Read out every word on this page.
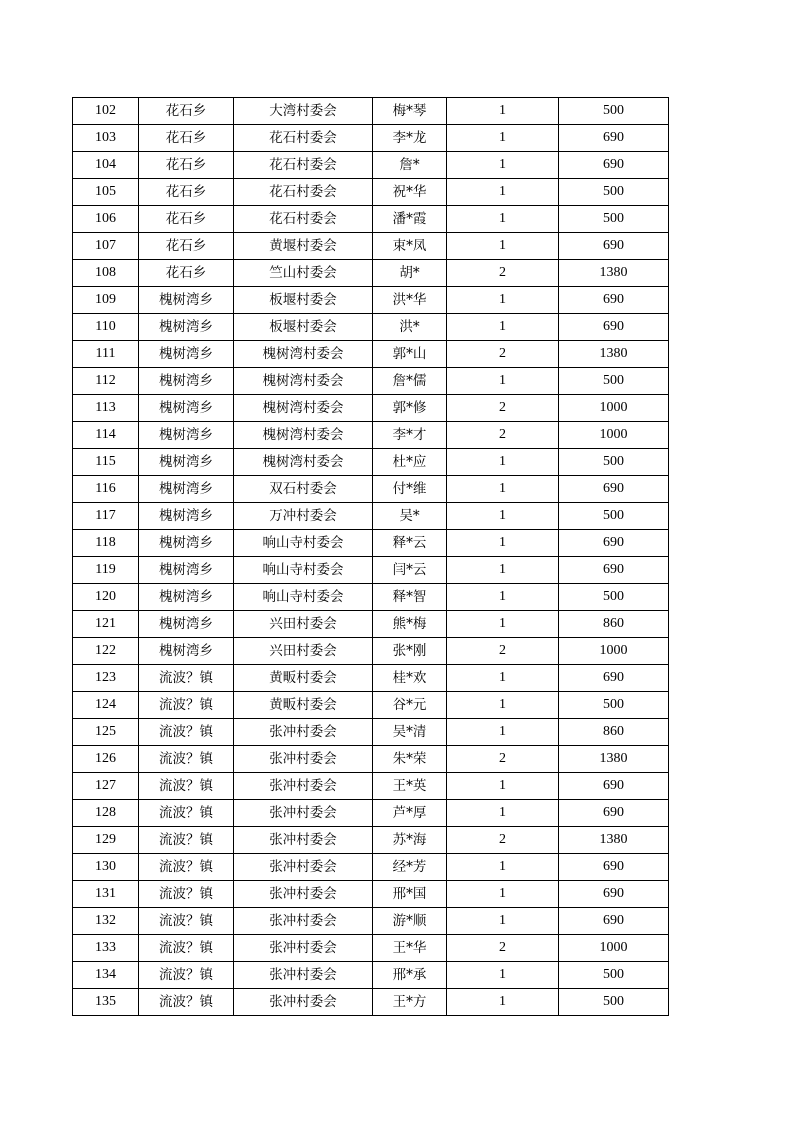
102	花石乡	大湾村委会	梅*琴	1	500
103	花石乡	花石村委会	李*龙	1	690
104	花石乡	花石村委会	詹*	1	690
105	花石乡	花石村委会	祝*华	1	500
106	花石乡	花石村委会	潘*霞	1	500
107	花石乡	黄堰村委会	束*凤	1	690
108	花石乡	竺山村委会	胡*	2	1380
109	槐树湾乡	板堰村委会	洪*华	1	690
110	槐树湾乡	板堰村委会	洪*	1	690
111	槐树湾乡	槐树湾村委会	郭*山	2	1380
112	槐树湾乡	槐树湾村委会	詹*儒	1	500
113	槐树湾乡	槐树湾村委会	郭*修	2	1000
114	槐树湾乡	槐树湾村委会	李*才	2	1000
115	槐树湾乡	槐树湾村委会	杜*应	1	500
116	槐树湾乡	双石村委会	付*维	1	690
117	槐树湾乡	万冲村委会	吴*	1	500
118	槐树湾乡	响山寺村委会	释*云	1	690
119	槐树湾乡	响山寺村委会	闫*云	1	690
120	槐树湾乡	响山寺村委会	释*智	1	500
121	槐树湾乡	兴田村委会	熊*梅	1	860
122	槐树湾乡	兴田村委会	张*刚	2	1000
123	流波？镇	黄畈村委会	桂*欢	1	690
124	流波？镇	黄畈村委会	谷*元	1	500
125	流波？镇	张冲村委会	吴*清	1	860
126	流波？镇	张冲村委会	朱*荣	2	1380
127	流波？镇	张冲村委会	王*英	1	690
128	流波？镇	张冲村委会	芦*厚	1	690
129	流波？镇	张冲村委会	苏*海	2	1380
130	流波？镇	张冲村委会	经*芳	1	690
131	流波？镇	张冲村委会	邢*国	1	690
132	流波？镇	张冲村委会	游*顺	1	690
133	流波？镇	张冲村委会	王*华	2	1000
134	流波？镇	张冲村委会	邢*承	1	500
135	流波？镇	张冲村委会	王*方	1	500
